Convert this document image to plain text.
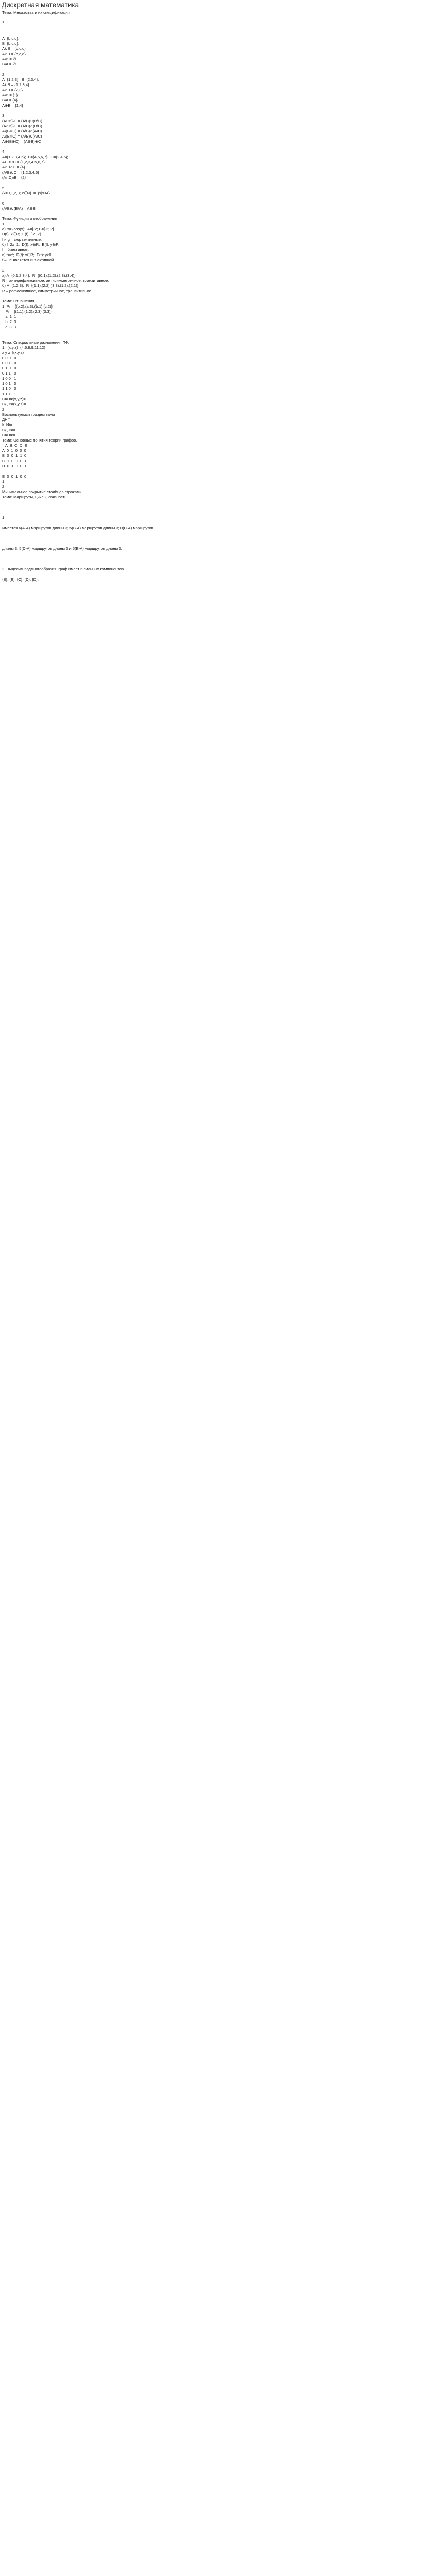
Дискретная математика
Тема: Множества и их спецификация
1.
A={b,c,d};
B={b,c,d};
A∪B = {b,c,d}
A∩B = {b,c,d}
A\B = ∅
B\A = ∅
2.
A={1,2,3};  B={2,3,4};
A∪B = {1,2,3,4}
A∩B = {2,3}
A\B = {1}
B\A = {4}
A⊕B = {1,4}
3.
(A∪B)\C = (A\C)∪(B\C)
(A∩B)\C = (A\C)∩(B\C)
A\(B∪C) = (A\B)∩(A\C)
A\(B∩C) = (A\B)∪(A\C)
A⊕(B⊕C) = (A⊕B)⊕C
4.
A={1,2,3,4,5};  B={4,5,6,7};  C={2,4,6};
A∪B∪C = {1,2,3,4,5,6,7}
A∩B∩C = {4}
(A\B)∪C = {1,2,3,4,6}
(A∩C)\B = {2}
5.
{x=0,1,2,3; x∈N}  =  {x|x<4}
6.
(A\B)∪(B\A) = A⊕B
Тема: Функции и отображения
1.
a) φ=2cos(x);  A=[-2; B=[-2; 2]
D(f): x∈R;  E(f): [-2; 2]
f и g – сюръективные.
б) f=2x–1;  D(f): x∈R;  E(f): y∈R
f – биективная.
в) f=x²;  D(f): x∈R;  E(f): y≥0
f – не является инъективной.
2.
a) A={0,1,2,3,4};  R={(0,1),(1,2),(2,3),(3,4)}
R – антирефлексивное, антисимметричное, транзитивное.
б) A={1,2,3};  R={(1,1),(2,2),(3,3),(1,2),(2,1)}
R – рефлексивное, симметричное, транзитивное.
Тема: Отношения
1. P₁ = {(b,2),(a,3),(b,1),(c,2)}
P₂ = {(1,1),(1,2),(2,3),(3,3)}
a  1  1
b  2  3
c  3  3
Тема: Специальные разложения ПФ.
1. f(x,y,z)=(4,6,8,9,11,12)
x y z  f(x,y,z)
0 0 0   0
0 0 1   0
0 1 0   0
0 1 1   0
1 0 0   1
1 0 1   0
1 1 0   0
1 1 1   1
СКНФ(x,y,z)=
СДНФ(x,y,z)=
2.
Воспользуемся тождествами
ДНФ=
КНФ=
СДНФ=
СКНФ=
Тема: Основные понятия теории графов.
A  B  C  D  E
A  0  1  0  0  0
B  0  0  1  1  0
C  1  0  0  0  1
D  0  1  0  0  1
E  0  0  1  0  0
1.
2.
Минимальное покрытие столбцов строками
Тема: Маршруты, циклы, связность.
1.
Имеется 6(A-A) маршрутов длины 3; 5(B-A) маршрутов длины 3; 0(C-A) маршрутов
длины 3; 5(D-A) маршрутов длины 3 и 5(E-A) маршрутов длины 3.
2. Выделим подмногообразия; граф имеет 6 сильных компонентов.
{B}; {E}; {C}; {D}; {D}.
